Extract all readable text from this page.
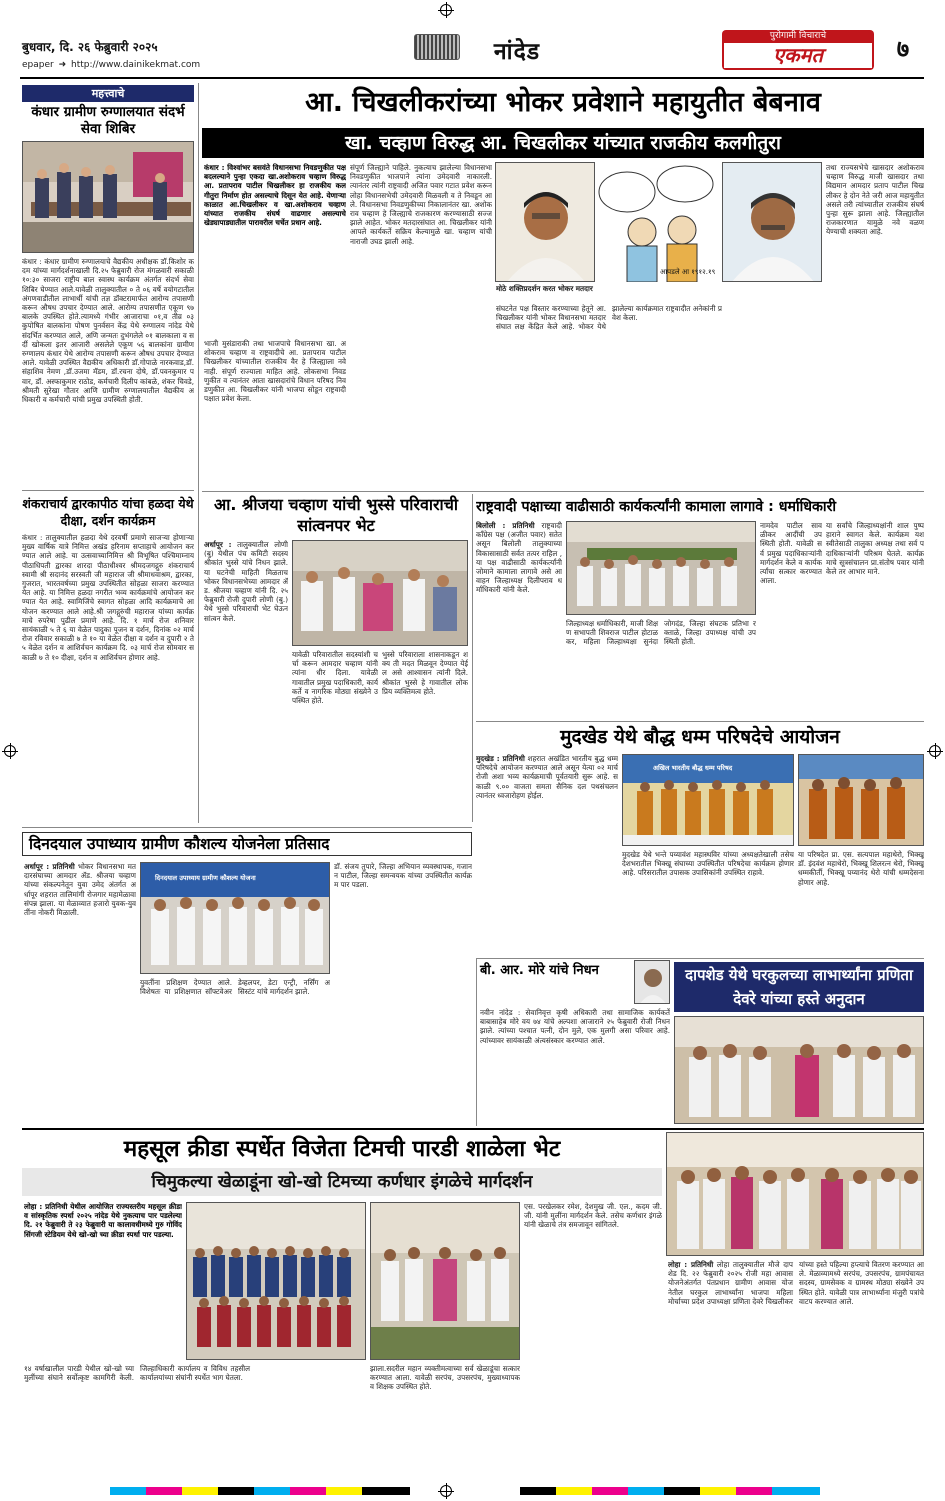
बुधवार, दि. २६ फेब्रुवारी २०२५	नांदेड
epaper ➜ http://www.dainikekmat.com
पुरोगामी विचाराचे
एकमत	७
महत्त्वाचे
कंधार ग्रामीण रुग्णालयात संदर्भ सेवा शिबिर
कंधार : कंधार ग्रामीण रुग्णालयाचे वैद्यकीय अधीक्षक डॉ.किशोर कदम यांच्या मार्गदर्शनाखाली दि.२५ फेब्रुवारी रोज मंगळवारी सकाळी १०:३० साजरा राष्ट्रीय बाल स्वास्थ कार्यक्रम अंतर्गत संदर्भ सेवा शिबिर घेण्यात आले.यावेळी तालुक्यातील ० ते ०६ वर्षे वयोगटातील अंगणवाडीतील लाभार्थी यांची तज्ञ डॉक्टरामार्फत आरोग्य तपासणी करून औषध उपचार देण्यात आले. आरोग्य तपासणीत एकूण ९७ बालके उपस्थित होते.त्यामध्ये गंभीर आजाराचा ०१,व तीव्र ०३ कुपोषित बालकांना पोषण पुनर्वसन केंद्र येथे रुग्णालय नांदेड येथे संदर्भित करण्यात आले, अणि जन्मतः दुभंगलेले ०१ बालकाला व सर्दी खोकला इतर आजारी असलेले एकूण ५६ बालकांना ग्रामीण रुग्णालय कंधार येथे आरोग्य तपासणी करून औषध उपचार देण्यात आले. यावेळी उपस्थित वैद्यकीय अधिकारी डॉ.गोपाळे नारकवाड,डॉ.संहाशिव नेमण ,डॉ.उजमा मॅडम, डॉ.रचना दोषे, डॉ.पवनकुमार पवार, डॉ. अस्फाकुमार राठोड, कर्मचारी दिलीप कांबळे, शंकर चिवडे, श्रीमती सुरेखा गौतार आणि ग्रामीण रुग्णालयातील वैद्यकीय अधिकारी व कर्मचारी यांची प्रमुख उपस्थिती होती.
शंकराचार्य द्वारकापीठ यांचा हळदा येथे दीक्षा, दर्शन कार्यक्रम
कंधार : तालुक्यातील हळदा येथे दरवर्षी प्रमाणे साजऱ्या होणाऱ्या मुख्य वार्षिक यात्रे निमित्त अखंड हरिनाम सप्ताहाचे आयोजन करण्यात आले आहे. या उत्सवाच्यानिमित्त श्री विभूषित पश्चिमाम्नाय पीठाधिपती द्वारका शारदा पीठाधीश्वर श्रीमदजगद्गुरु शंकराचार्य स्वामी श्री सदानंद सरस्वती जी महाराज जी श्रीमाधवाश्रम, द्वारका, गुजरात, भारतवर्षच्या प्रमुख उपस्थितीत सोहळा साजरा करण्यात येत आहे. या निमित्त हळदा नगरीत भव्य कार्यक्रमांचे आयोजन करण्यात येत आहे. स्वामिजिंचे स्वागत सोहळा आदि कार्यक्रमाचे आयोजन करण्यात आले आहे.श्री जगद्गुरुंची महाराज यांच्या कार्यक्रमाचे रुपरेषा पुढील प्रमाणे आहे. दि. १ मार्च रोज शनिवार सायंकाळी ५ ते ६ या वेळेत पादुका पूजन व दर्शन, दिनांक ०२ मार्च रोज रविवार सकाळी ७ ते १० या वेळेत दीक्षा व दर्शन व दुपारी २ ते ५ वेळेत दर्शन व आशिर्वचन कार्यक्रम दि. ०३ मार्च रोज सोमवार सकाळी ७ ते १० दीक्षा, दर्शन व आशिर्वचन होणार आहे.
आ. चिखलीकरांच्या भोकर प्रवेशाने महायुतीत बेबनाव
खा. चव्हाण विरुद्ध आ. चिखलीकर यांच्यात राजकीय कलगीतुरा
कंधार : विश्वांभर बसवंते विधानसभा निवडणुकीत पक्ष बदलल्याने पुन्हा एकदा खा.अशोकराव चव्हाण विरुद्ध आ. प्रतापराव पाटील चिखलीकर हा राजकीय कलगीतुरा निर्माण होत असल्याचे दिसून येत आहे. येणाऱ्या काळात आ.चिखलीकर व खा.अशोकराव चव्हाण यांच्यात राजकीय संघर्ष वाढणार असल्याचे खेड्यापाड्यातील पारावरील चर्चेत प्रधान आहे.
भाजी मुसंडाराकी तथा भाजपाचे विधानसभा खा. अशोकराव चव्हाण व राष्ट्रवादीचे आ. प्रतापराव पाटील चिखलीकर यांच्यातील राजकीय वैर हे जिल्ह्याला नवे नाही. संपूर्ण राज्याला माहित आहे. लोकसभा निवडणुकीत व त्यानंतर आता खासदारांचे विधान परिषद निवडणुकीत आ. चिखलीकर यांनी भाजपा सोडून राष्ट्रवादी पक्षात प्रवेश केला.
संपूर्ण जिल्ह्याने पाहिले. नुकत्याच झालेल्या विधानसभा निवडणुकीत भाजपाने त्यांना उमेदवारी नाकारली. त्यानंतर त्यांनी राष्ट्रवादी अजित पवार गटात प्रवेश करून लोहा विधानसभेची उमेदवारी मिळवली व ते निवडून आले. विधानसभा निवडणुकीच्या निकालानंतर खा. अशोकराव चव्हाण हे जिल्ह्याचे राजकारण करण्यासाठी सज्ज झाले आहेत. भोकर मतदारसंघात आ. चिखलीकर यांनी आपले कार्यकर्ते सक्रिय केल्यामुळे खा. चव्हाण यांची नाराजी उघड झाली आहे.
मोठे शक्तिप्रदर्शन करत भोकर मतदार
आपडले आ १९१२.१९
संघटनेत पक्ष विस्तार करण्याच्या हेतूने आ. चिखलीकर यांनी भोकर विधानसभा मतदार संघात लक्ष केंद्रित केले आहे. भोकर येथे झालेल्या कार्यक्रमात राष्ट्रवादीत अनेकांनी प्रवेश केला.
तथा राज्यसभेचे खासदार अशोकराव चव्हाण विरुद्ध माजी खासदार तथा विद्यमान आमदार प्रताप पाटील चिखलीकर हे दोन नेते जरी आज महायुतीत असले तरी त्यांच्यातील राजकीय संघर्ष पुन्हा सुरू झाला आहे. जिल्ह्यातील राजकारणात यामुळे नवे वळण येण्याची शक्यता आहे.
आ. श्रीजया चव्हाण यांची भुस्से परिवाराची सांत्वनपर भेट
अर्धापूर : तालुक्यातील लोणी (बु) येथील पंच कमिटी सदस्य श्रीकांत भुस्से यांचे निधन झाले. या घटनेची माहिती मिळताच भोकर विधानसभेच्या आमदार ॲड. श्रीजया चव्हाण यांनी दि. २५ फेब्रुवारी रोजी दुपारी लोणी (बु.) येथे भुस्से परिवाराची भेट घेऊन सांत्वन केले.
यावेळी परिवारातील सदस्यांशी चर्चा करून आमदार चव्हाण यांनी त्यांना धीर दिला. यावेळी गावातील प्रमुख पदाधिकारी, कार्यकर्ते व नागरिक मोठ्या संख्येने उपस्थित होते.
भुस्से परिवाराला शासनाकडून शक्य ती मदत मिळवून देण्यात येईल असे आश्वासन त्यांनी दिले. श्रीकांत भुस्से हे गावातील लोकप्रिय व्यक्तिमत्व होते.
राष्ट्रवादी पक्षाच्या वाढीसाठी कार्यकर्त्यांनी कामाला लागावे : धर्माधिकारी
बिलोली : प्रतिनिधी राष्ट्रवादी काँग्रेस पक्ष (अजीत पवार) सतेत असून बिलोली तालुक्याच्या विकासासाठी सर्वत तत्पर राहिल ,या पक्ष वाढीसाठी कार्यकर्त्यांनी जोमाने कामाला लागावे असे आवाहन जिल्हाध्यक्ष दिलीपराव धर्माधिकारी यांनी केले.
जिल्हाध्यक्ष धर्माधिकारी, माजी शिक्षण सभापती शिवराज पाटील होटाळकर, महिला जिल्हाध्यक्षा सुनंदा जोगदंड, जिल्हा संघटक प्रतिभा रक्ताळे, जिल्हा उपाध्यक्ष यांची उपस्थिती होती.
नामदेव पाटील सावळीकर आदींची उपस्थिती होती. यावेळी सर्व प्रमुख पदाधिकाऱ्यांनी मार्गदर्शन केले व कार्यकर्त्यांचा सत्कार करण्यात आला.
या सर्वांचे जिल्हाध्यक्षांनी शाल पुष्पहाराने स्वागत केले. कार्यक्रम यशस्वीतेसाठी तालुका अध्यक्ष तथा सर्व पदाधिकाऱ्यांनी परिश्रम घेतले. कार्यक्रमाचे सूत्रसंचालन प्रा.संतोष पवार यांनी केले तर आभार माने.
मुदखेड येथे बौद्ध धम्म परिषदेचे आयोजन
मुदखेड : प्रतिनिधी शहरात अखंडित भारतीय बुद्ध धम्म परिषदेचे आयोजन करण्यात आले असून येत्या ०२ मार्च रोजी अशा भव्य कार्यक्रमाची पूर्वतयारी सुरू आहे. सकाळी ९.०० वाजता समता सैनिक दल पथसंचलन त्यानंतर ध्वजारोहण होईल.
अखिल भारतीय बौद्ध धम्म परिषद
मुदखेड येथे भन्ते पय्यावंश महास्थविर यांच्या अध्यक्षतेखाली तसेच देशभरातील भिक्खू संघाच्या उपस्थितीत परिषदेचा कार्यक्रम होणार आहे. परिसरातील उपासक उपासिकांनी उपस्थित राहावे.
या परिषदेत प्रा. एस. सत्यपाल महाथेरो, भिक्खू डॉ. इंदवंश महाथेरो, भिक्खू शिलरत्न थेरो, भिक्खू धम्मकीर्ती, भिक्खू पय्यानंद थेरो यांची धम्मदेसना होणार आहे.
दिनदयाल उपाध्याय ग्रामीण कौशल्य योजनेला प्रतिसाद
अर्धापूर : प्रतिनिधी भोकर विधानसभा मतदारसंघाच्या आमदार ॲड. श्रीजया चव्हाण यांच्या संकल्पनेतून युवा उमेद अंतर्गत अर्धापूर शहरात तालिमांगी रोजगार महामेळावा संपन्न झाला. या मेळाव्यात हजारो युवक-युवतींना नोकरी मिळाली.
दिनदयाल उपाध्याय ग्रामीण कौशल्य योजना
युवतींना प्रशिक्षण देण्यात आले. विशेषतः या प्रशिक्षणात सॉफ्टवेअर डेव्हलपर, डेटा एन्ट्री, नर्सिंग असिस्टंट यांचे मार्गदर्शन झाले.
डॉ. संजय तुपारे, जिल्हा अभियान व्यवस्थापक, गजानन पाटील, जिल्हा समन्वयक यांच्या उपस्थितीत कार्यक्रम पार पडला.
बी. आर. मोरे यांचे निधन
नवीन नांदेड : सेवानिवृत्त कृषी अधिकारी तथा सामाजिक कार्यकर्ते बाबासाहेब मोरे वय ७४ यांचे अल्पशा आजाराने २५ फेब्रुवारी रोजी निधन झाले. त्यांच्या पश्चात पत्नी, दोन मुले, एक मुलगी असा परिवार आहे. त्यांच्यावर सायंकाळी अंत्यसंस्कार करण्यात आले.
दापशेड येथे घरकुलच्या लाभार्थ्यांना प्रणिता देवरे यांच्या हस्ते अनुदान
महसूल क्रीडा स्पर्धेत विजेता टिमची पारडी शाळेला भेट
चिमुकल्या खेळाडूंना खो-खो टिमच्या कर्णधार इंगळेचे मार्गदर्शन
लोहा : प्रतिनिधी येथील आयोजित राज्यस्तरीय महसूल क्रीडा व सांस्कृतिक स्पर्धा २०२५ नांदेड येथे नुकत्याच पार पडलेल्या दि. २१ फेब्रुवारी ते २३ फेब्रुवारी या कालावधीमध्ये गुरु गोविंदसिंगजी स्टेडियम येथे खो-खो च्या क्रीडा स्पर्धा पार पडल्या.
१४ वर्षाखालील पारडी येथील खो-खो च्या मुलींच्या संघाने सर्वोत्कृष्ट कामगिरी केली. जिल्हाधिकारी कार्यालय व विविध तहसील कार्यालयांच्या संघांनी स्पर्धेत भाग घेतला.
झाला.सदरील महान व्यक्तीमत्वाच्या सर्व खेळाडूंचा सत्कार करण्यात आला. यावेळी सरपंच, उपसरपंच, मुख्याध्यापक व शिक्षक उपस्थित होते.
एस. परखेलकर रमेश, देशमुख जी. एल., कदम जी. जी. यांनी मुलींना मार्गदर्शन केले. तसेच कर्णधार इंगळे यांनी खेळाचे तंत्र समजावून सांगितले.
लोहा : प्रतिनिधी लोहा तालुक्यातील मौजे दापशेड दि. २२ फेब्रुवारी २०२५ रोजी महा आवास योजनेअंतर्गत पंतप्रधान ग्रामीण आवास योजनेतील घरकुल लाभार्थ्यांना भाजपा महिला मोर्चाच्या प्रदेश उपाध्यक्षा प्रणिता देवरे चिखलीकर यांच्या हस्ते पहिल्या हप्त्याचे वितरण करण्यात आले. मेळाव्यामध्ये सरपंच, उपसरपंच, ग्रामपंचायत सदस्य, ग्रामसेवक व ग्रामस्थ मोठ्या संख्येने उपस्थित होते. यावेळी पात्र लाभार्थ्यांना मंजुरी पत्रांचे वाटप करण्यात आले.
